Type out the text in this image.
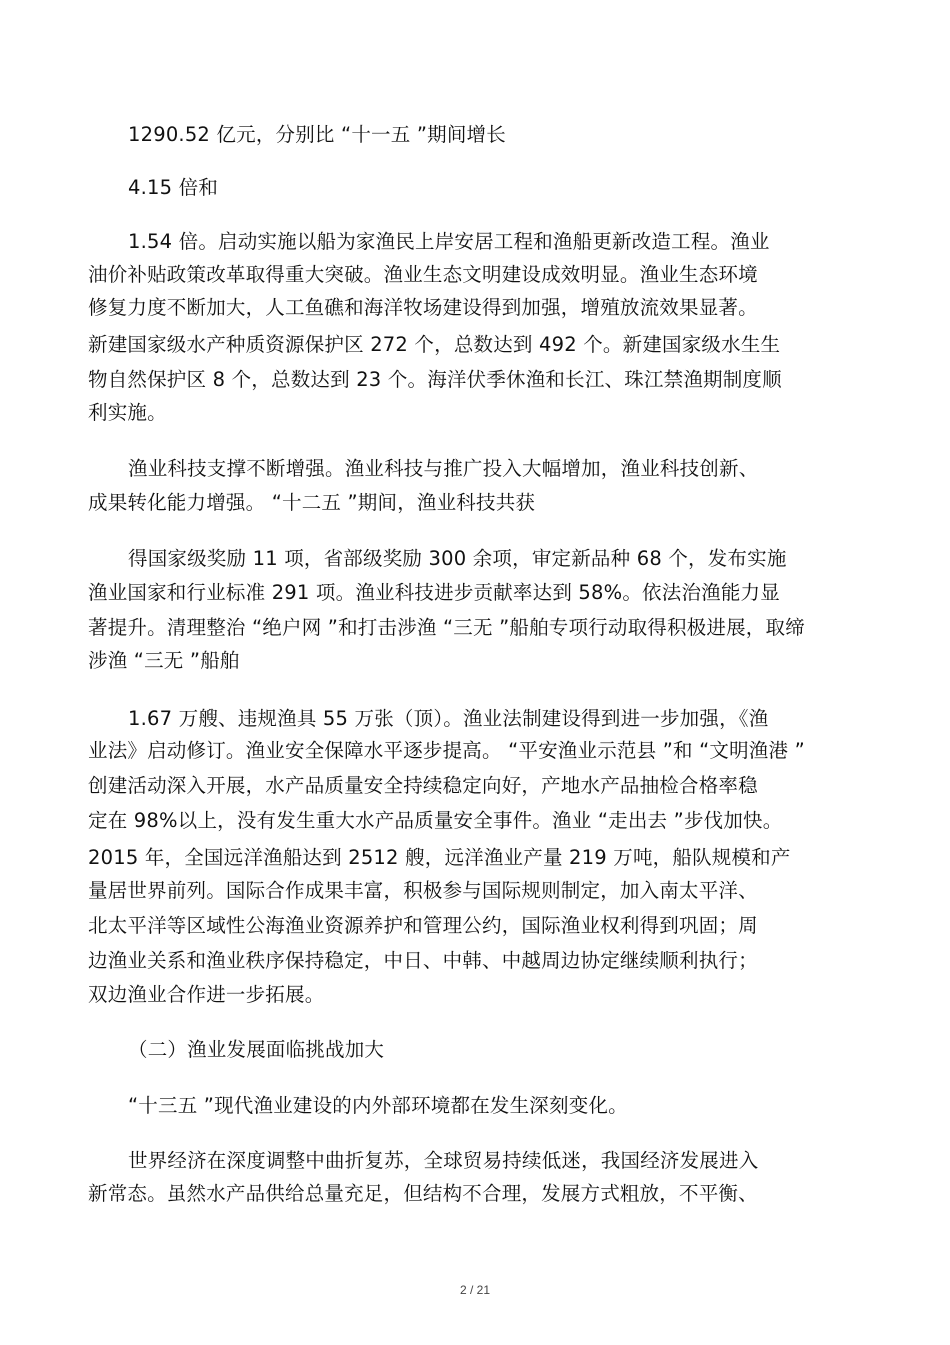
1290.52 亿元，分别比 “十一五 ”期间增长
4.15 倍和
1.54 倍。启动实施以船为家渔民上岸安居工程和渔船更新改造工程。渔业
油价补贴政策改革取得重大突破。渔业生态文明建设成效明显。渔业生态环境
修复力度不断加大，人工鱼礁和海洋牧场建设得到加强，增殖放流效果显著。
新建国家级水产种质资源保护区 272 个，总数达到 492 个。新建国家级水生生
物自然保护区 8 个，总数达到 23 个。海洋伏季休渔和长江、珠江禁渔期制度顺
利实施。
渔业科技支撑不断增强。渔业科技与推广投入大幅增加，渔业科技创新、
成果转化能力增强。 “十二五 ”期间，渔业科技共获
得国家级奖励 11 项，省部级奖励 300 余项，审定新品种 68 个，发布实施
渔业国家和行业标准 291 项。渔业科技进步贡献率达到 58%。依法治渔能力显
著提升。清理整治 “绝户网 ”和打击涉渔 “三无 ”船舶专项行动取得积极进展，取缔
涉渔 “三无 ”船舶
1.67 万艘、违规渔具 55 万张（顶）。渔业法制建设得到进一步加强，《渔
业法》启动修订。渔业安全保障水平逐步提高。 “平安渔业示范县 ”和 “文明渔港 ”
创建活动深入开展，水产品质量安全持续稳定向好，产地水产品抽检合格率稳
定在 98%以上，没有发生重大水产品质量安全事件。渔业 “走出去 ”步伐加快。
2015 年，全国远洋渔船达到 2512 艘，远洋渔业产量 219 万吨，船队规模和产
量居世界前列。国际合作成果丰富，积极参与国际规则制定，加入南太平洋、
北太平洋等区域性公海渔业资源养护和管理公约，国际渔业权利得到巩固；周
边渔业关系和渔业秩序保持稳定，中日、中韩、中越周边协定继续顺利执行；
双边渔业合作进一步拓展。
（二）渔业发展面临挑战加大
“十三五 ”现代渔业建设的内外部环境都在发生深刻变化。
世界经济在深度调整中曲折复苏，全球贸易持续低迷，我国经济发展进入
新常态。虽然水产品供给总量充足，但结构不合理，发展方式粗放，不平衡、
2 / 21
